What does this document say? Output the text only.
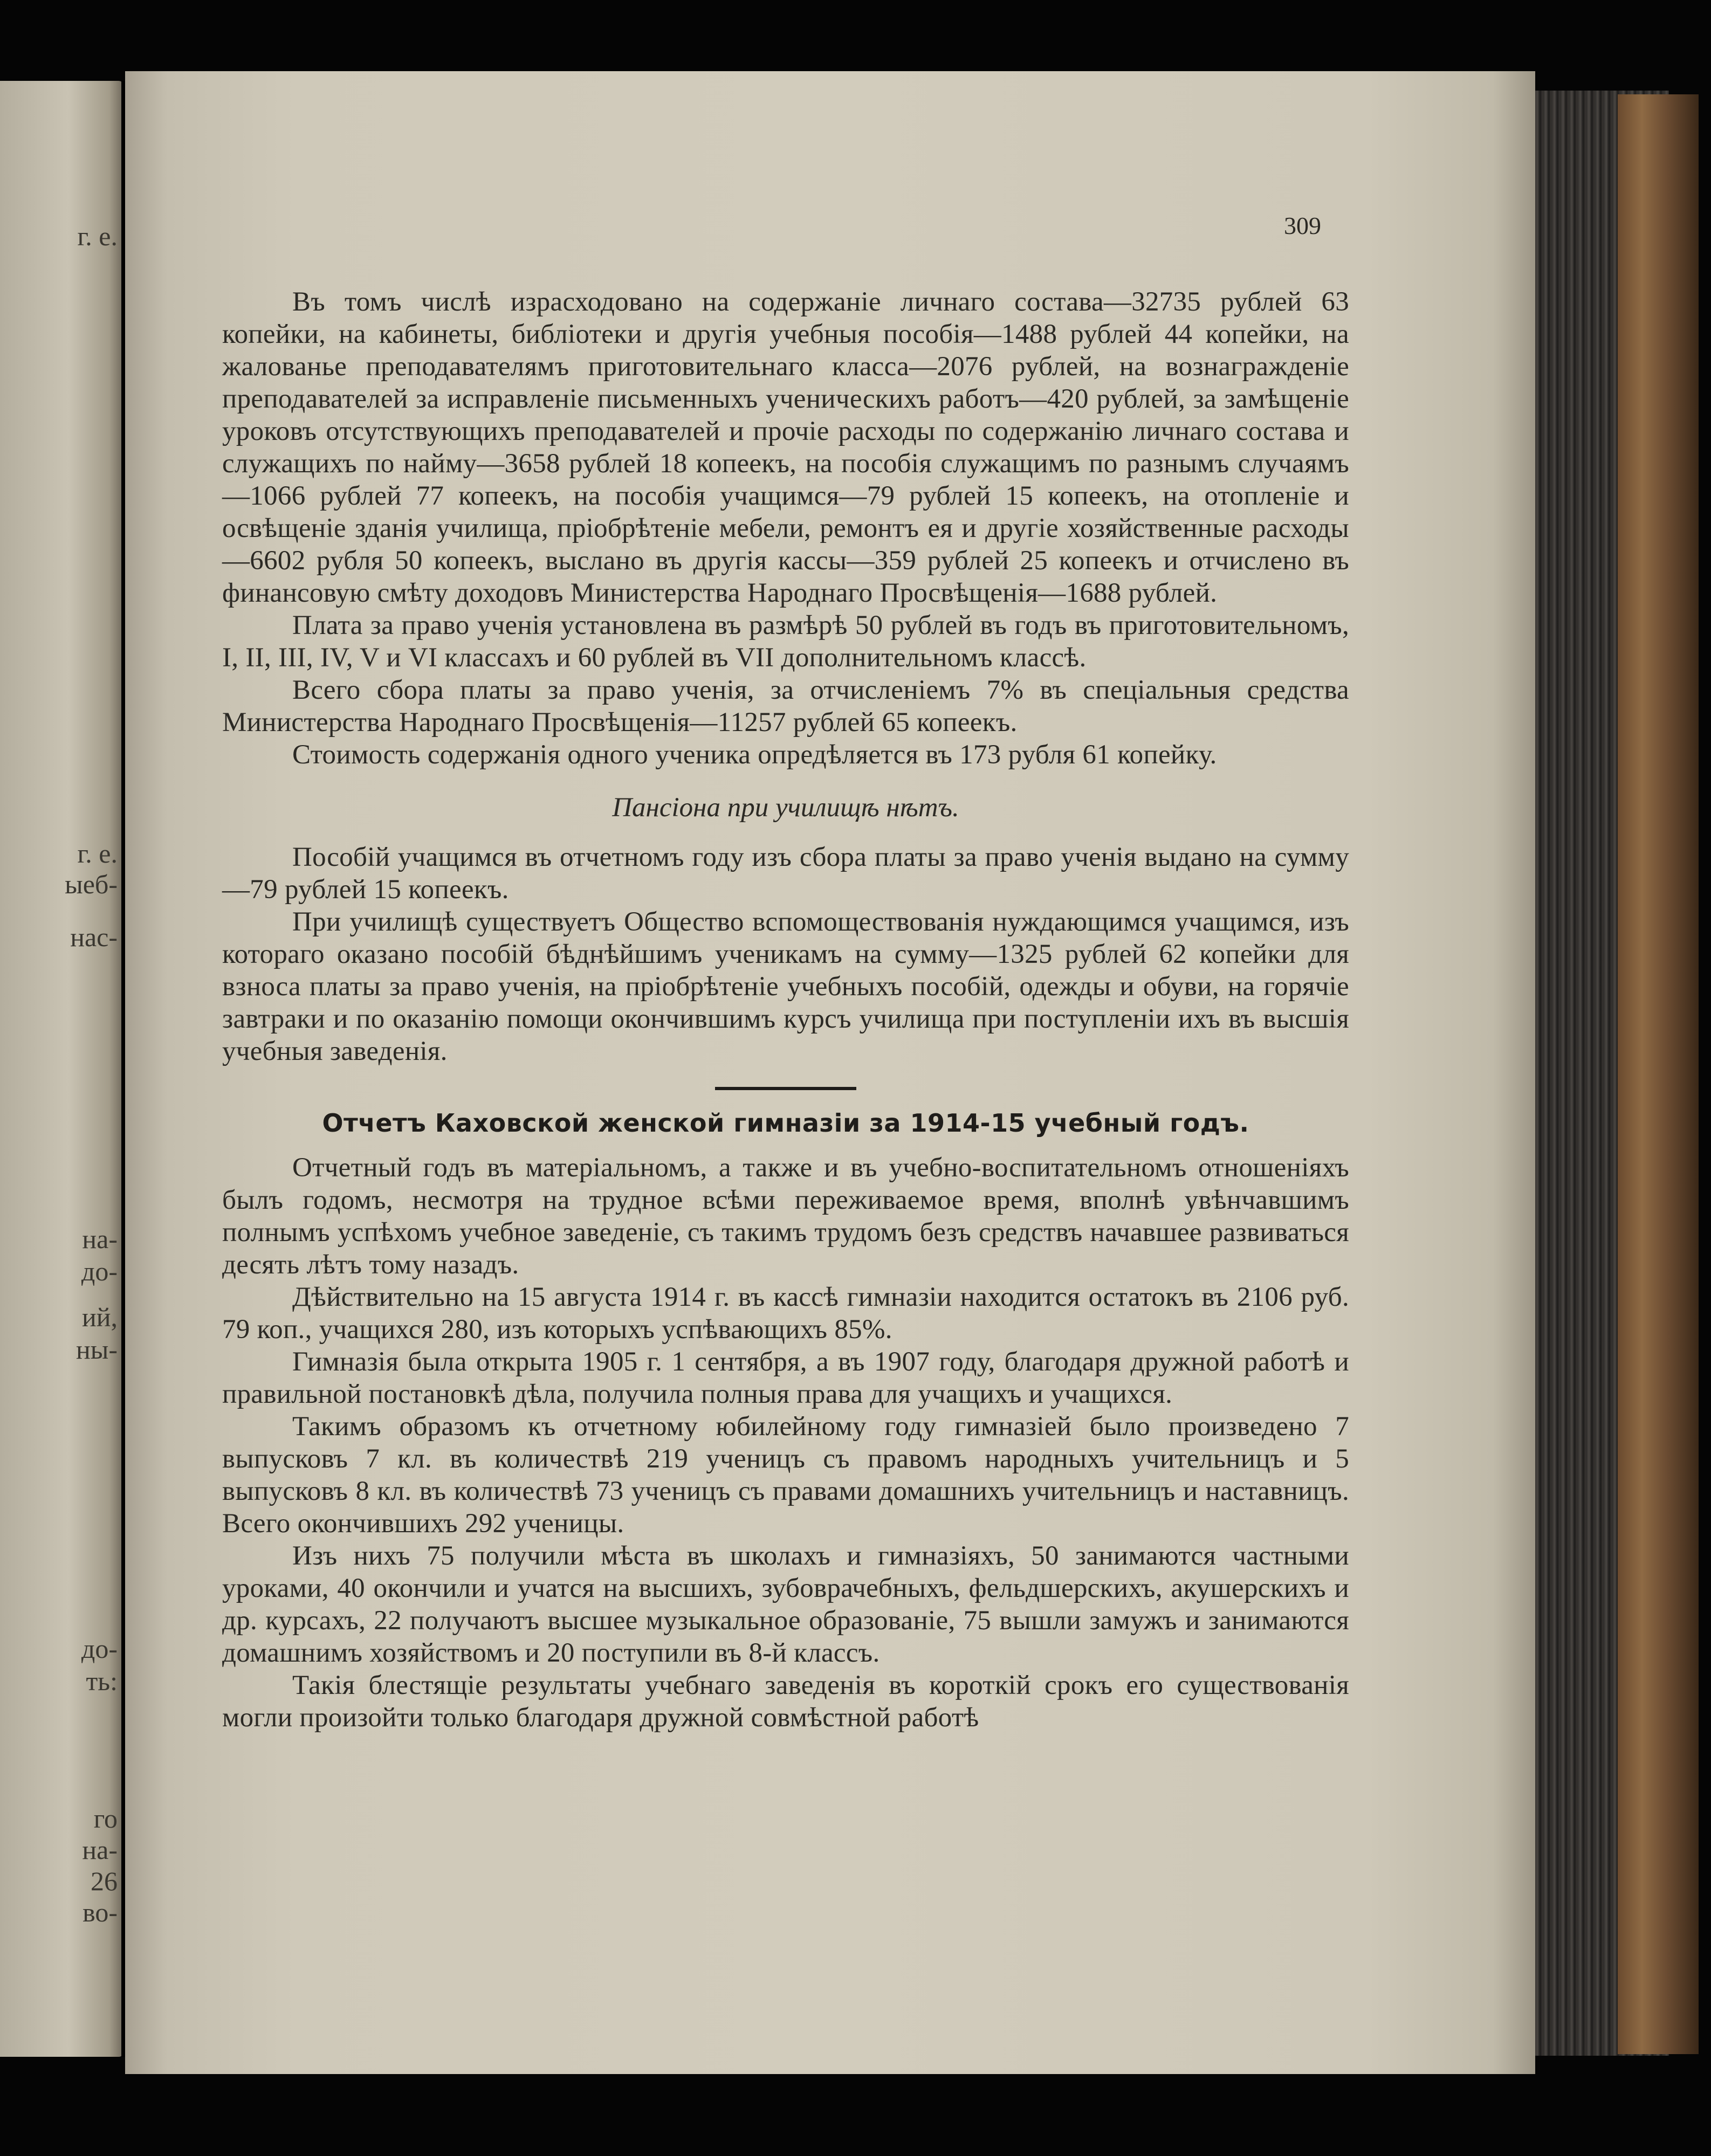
г. е.
г. е.
ыеб-
нас-
на-
до-
ий,
ны-
до-
ть:
го
на-
26
во-
309

Въ томъ числѣ израсходовано на содержаніе личнаго состава—32735 рублей 63 копейки, на кабинеты, библіотеки и другія учебныя пособія—1488 рублей 44 копейки, на жалованье преподавателямъ приготовительнаго класса—2076 рублей, на вознагражденіе преподавателей за исправленіе письменныхъ ученическихъ работъ—420 рублей, за замѣщеніе уроковъ отсутствующихъ преподавателей и прочіе расходы по содержанію личнаго состава и служащихъ по найму—3658 рублей 18 копеекъ, на пособія служащимъ по разнымъ случаямъ—1066 рублей 77 копеекъ, на пособія учащимся—79 рублей 15 копеекъ, на отопленіе и освѣщеніе зданія училища, пріобрѣтеніе мебели, ремонтъ ея и другіе хозяйственные расходы—6602 рубля 50 копеекъ, выслано въ другія кассы—359 рублей 25 копеекъ и отчислено въ финансовую смѣту доходовъ Министерства Народнаго Просвѣщенія—1688 рублей.

Плата за право ученія установлена въ размѣрѣ 50 рублей въ годъ въ приготовительномъ, I, II, III, IV, V и VI классахъ и 60 рублей въ VII дополнительномъ классѣ.

Всего сбора платы за право ученія, за отчисленіемъ 7% въ спеціальныя средства Министерства Народнаго Просвѣщенія—11257 рублей 65 копеекъ.

Стоимость содержанія одного ученика опредѣляется въ 173 рубля 61 копейку.

Пансіона при училищѣ нѣтъ.

Пособій учащимся въ отчетномъ году изъ сбора платы за право ученія выдано на сумму—79 рублей 15 копеекъ.

При училищѣ существуетъ Общество вспомоществованія нуждающимся учащимся, изъ котораго оказано пособій бѣднѣйшимъ ученикамъ на сумму—1325 рублей 62 копейки для взноса платы за право ученія, на пріобрѣтеніе учебныхъ пособій, одежды и обуви, на горячіе завтраки и по оказанію помощи окончившимъ курсъ училища при поступленіи ихъ въ высшія учебныя заведенія.

Отчетъ Каховской женской гимназіи за 1914-15 учебный годъ.

Отчетный годъ въ матеріальномъ, а также и въ учебно-воспитательномъ отношеніяхъ былъ годомъ, несмотря на трудное всѣми переживаемое время, вполнѣ увѣнчавшимъ полнымъ успѣхомъ учебное заведеніе, съ такимъ трудомъ безъ средствъ начавшее развиваться десять лѣтъ тому назадъ.

Дѣйствительно на 15 августа 1914 г. въ кассѣ гимназіи находится остатокъ въ 2106 руб. 79 коп., учащихся 280, изъ которыхъ успѣвающихъ 85%.

Гимназія была открыта 1905 г. 1 сентября, а въ 1907 году, благодаря дружной работѣ и правильной постановкѣ дѣла, получила полныя права для учащихъ и учащихся.

Такимъ образомъ къ отчетному юбилейному году гимназіей было произведено 7 выпусковъ 7 кл. въ количествѣ 219 ученицъ съ правомъ народныхъ учительницъ и 5 выпусковъ 8 кл. въ количествѣ 73 ученицъ съ правами домашнихъ учительницъ и наставницъ. Всего окончившихъ 292 ученицы.

Изъ нихъ 75 получили мѣста въ школахъ и гимназіяхъ, 50 занимаются частными уроками, 40 окончили и учатся на высшихъ, зубоврачебныхъ, фельдшерскихъ, акушерскихъ и др. курсахъ, 22 получаютъ высшее музыкальное образованіе, 75 вышли замужъ и занимаются домашнимъ хозяйствомъ и 20 поступили въ 8-й классъ.

Такія блестящіе результаты учебнаго заведенія въ короткій срокъ его существованія могли произойти только благодаря дружной совмѣстной работѣ
